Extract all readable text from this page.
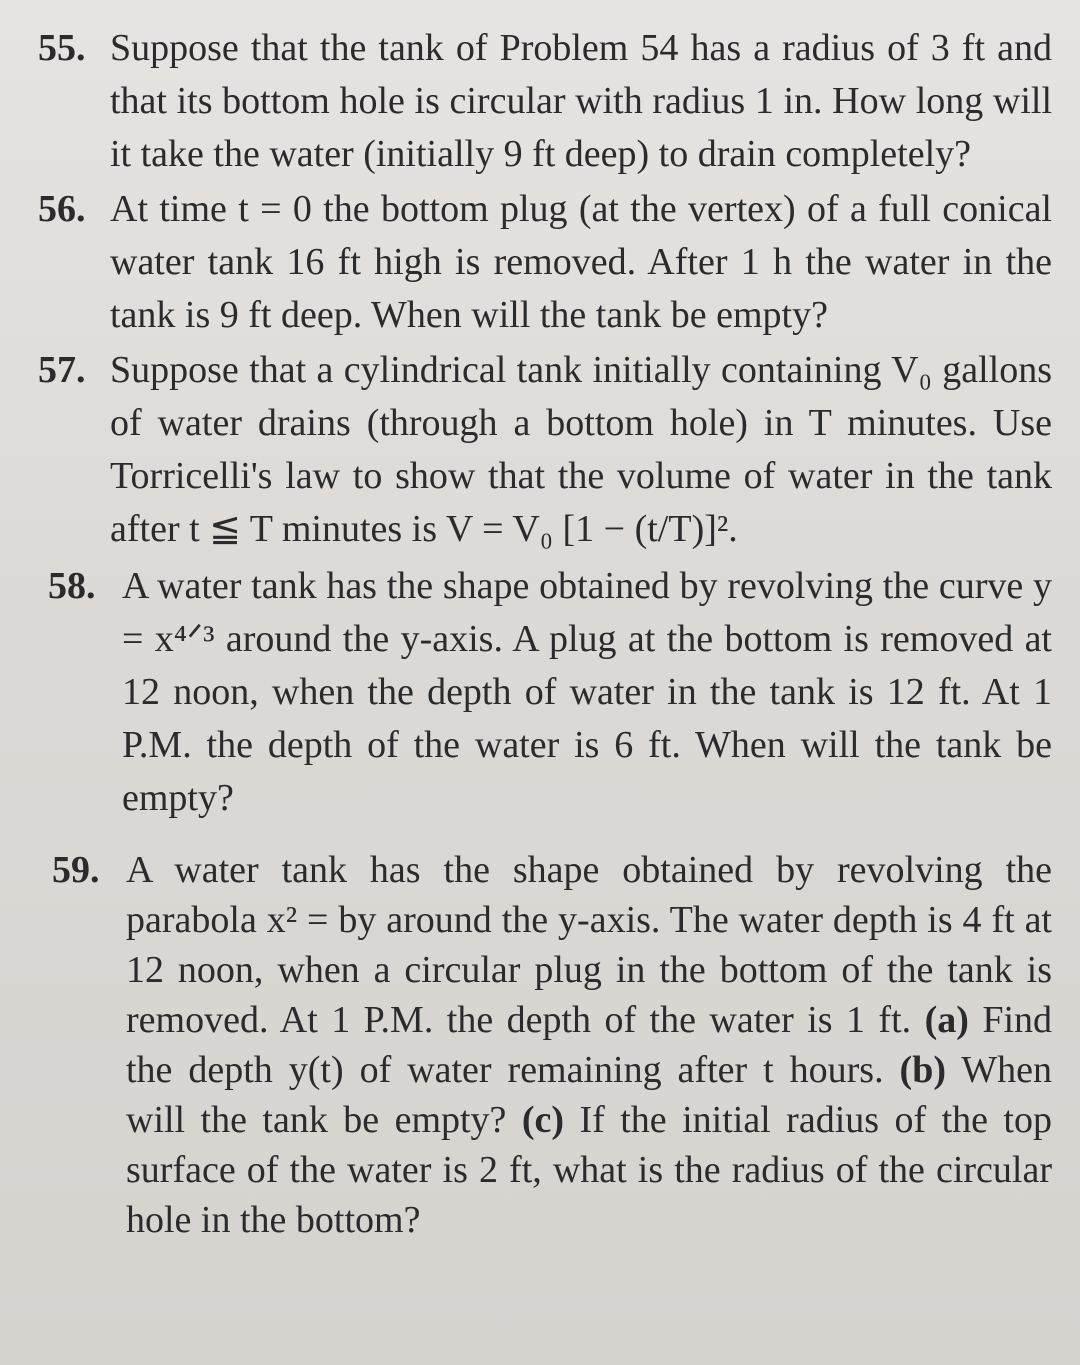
55. Suppose that the tank of Problem 54 has a radius of 3 ft and that its bottom hole is circular with radius 1 in. How long will it take the water (initially 9 ft deep) to drain completely?
56. At time t = 0 the bottom plug (at the vertex) of a full conical water tank 16 ft high is removed. After 1 h the water in the tank is 9 ft deep. When will the tank be empty?
57. Suppose that a cylindrical tank initially containing V₀ gallons of water drains (through a bottom hole) in T minutes. Use Torricelli's law to show that the volume of water in the tank after t ≦ T minutes is V = V₀ [1 − (t/T)]².
58. A water tank has the shape obtained by revolving the curve y = x⁴ᐟ³ around the y-axis. A plug at the bottom is removed at 12 noon, when the depth of water in the tank is 12 ft. At 1 P.M. the depth of the water is 6 ft. When will the tank be empty?
59. A water tank has the shape obtained by revolving the parabola x² = by around the y-axis. The water depth is 4 ft at 12 noon, when a circular plug in the bottom of the tank is removed. At 1 P.M. the depth of the water is 1 ft. (a) Find the depth y(t) of water remaining after t hours. (b) When will the tank be empty? (c) If the initial radius of the top surface of the water is 2 ft, what is the radius of the circular hole in the bottom?
